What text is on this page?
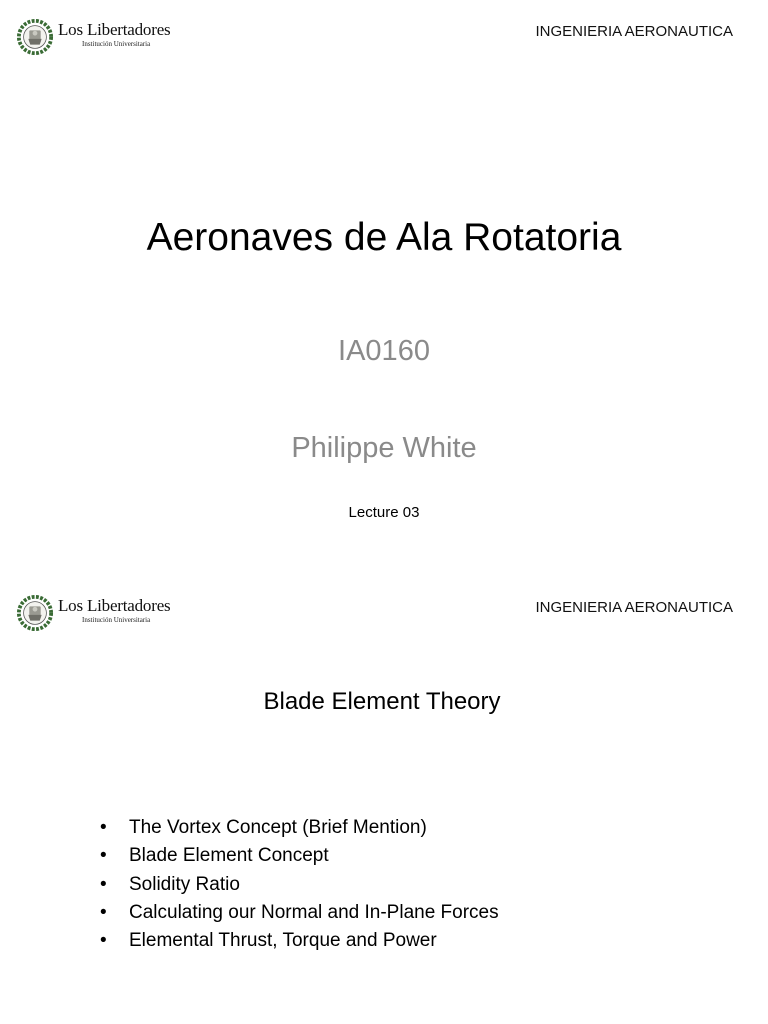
Los Libertadores
Institución Universitaria
INGENIERIA AERONAUTICA
Aeronaves de Ala Rotatoria
IA0160
Philippe White
Lecture 03
Los Libertadores
Institución Universitaria
INGENIERIA AERONAUTICA
Blade Element Theory
• The Vortex Concept (Brief Mention)
• Blade Element Concept
• Solidity Ratio
• Calculating our Normal and In-Plane Forces
• Elemental Thrust, Torque and Power
